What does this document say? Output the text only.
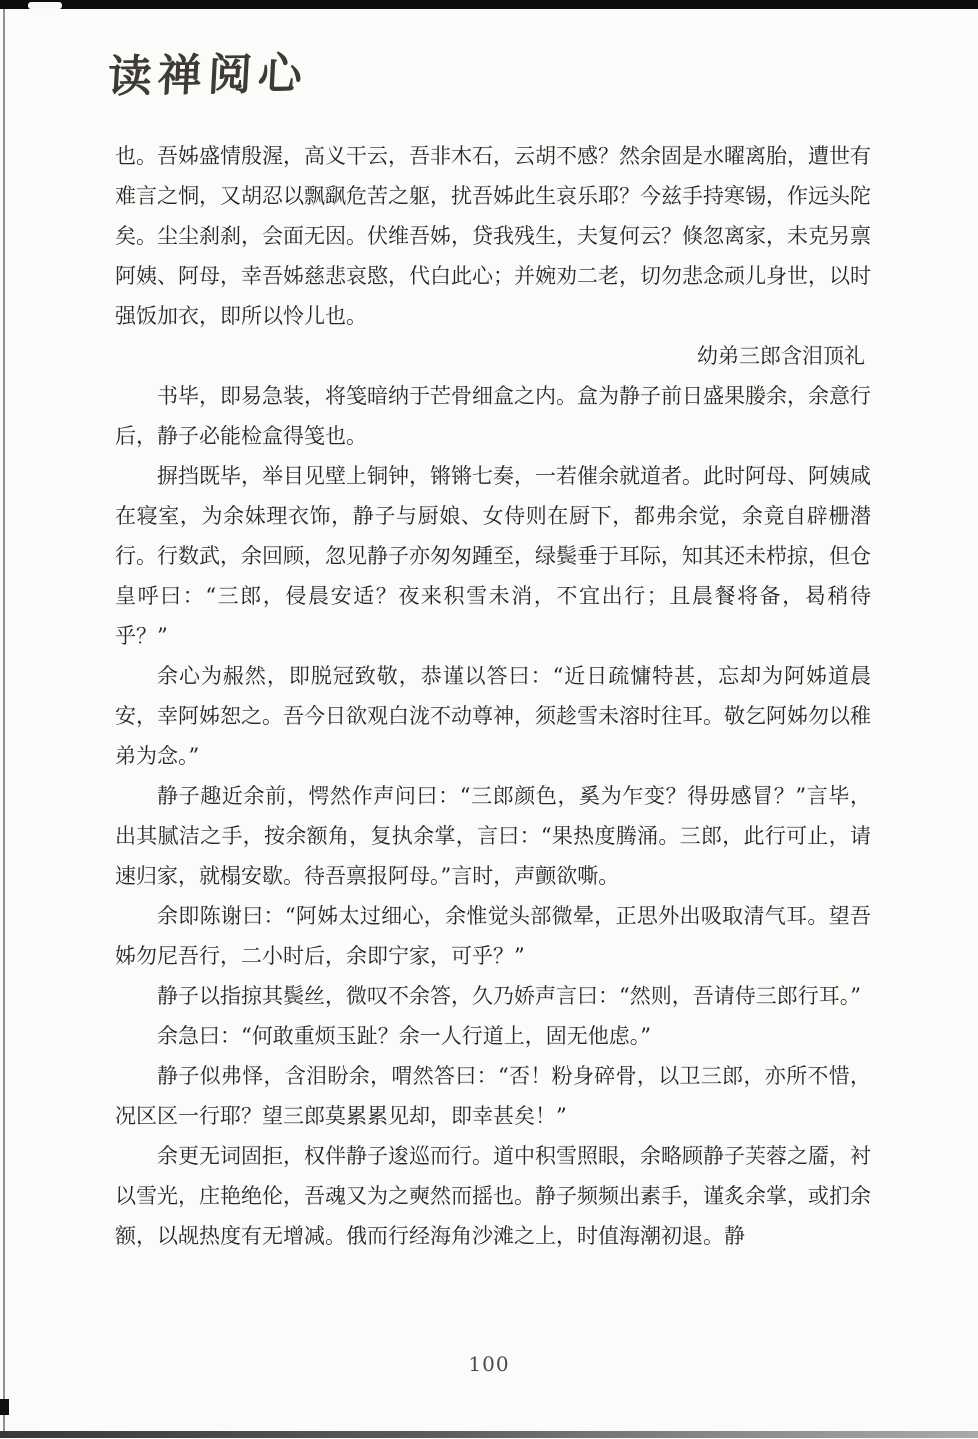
读禅阅心

也。吾姊盛情殷渥，高义干云，吾非木石，云胡不感？然余固是水曜离胎，遭世有难言之恫，又胡忍以飘飖危苦之躯，扰吾姊此生哀乐耶？今兹手持寒锡，作远头陀矣。尘尘刹刹，会面无因。伏维吾姊，贷我残生，夫复何云？倏忽离家，未克另禀阿姨、阿母，幸吾姊慈悲哀愍，代白此心；并婉劝二老，切勿悲念顽儿身世，以时强饭加衣，即所以怜儿也。

幼弟三郎含泪顶礼

书毕，即易急装，将笺暗纳于芒骨细盒之内。盒为静子前日盛果媵余，余意行后，静子必能检盒得笺也。

摒挡既毕，举目见壁上铜钟，锵锵七奏，一若催余就道者。此时阿母、阿姨咸在寝室，为余妹理衣饰，静子与厨娘、女侍则在厨下，都弗余觉，余竟自辟栅潜行。行数武，余回顾，忽见静子亦匆匆踵至，绿鬓垂于耳际，知其还未栉掠，但仓皇呼曰：“三郎，侵晨安适？夜来积雪未消，不宜出行；且晨餐将备，曷稍待乎？”

余心为赧然，即脱冠致敬，恭谨以答曰：“近日疏慵特甚，忘却为阿姊道晨安，幸阿姊恕之。吾今日欲观白泷不动尊神，须趁雪未溶时往耳。敬乞阿姊勿以稚弟为念。”

静子趣近余前，愕然作声问曰：“三郎颜色，奚为乍变？得毋感冒？”言毕，出其腻洁之手，按余额角，复执余掌，言曰：“果热度腾涌。三郎，此行可止，请速归家，就榻安歇。待吾禀报阿母。”言时，声颤欲嘶。

余即陈谢曰：“阿姊太过细心，余惟觉头部微晕，正思外出吸取清气耳。望吾姊勿尼吾行，二小时后，余即宁家，可乎？”

静子以指掠其鬓丝，微叹不余答，久乃娇声言曰：“然则，吾请侍三郎行耳。”

余急曰：“何敢重烦玉趾？余一人行道上，固无他虑。”

静子似弗怿，含泪盼余，喟然答曰：“否！粉身碎骨，以卫三郎，亦所不惜，况区区一行耶？望三郎莫累累见却，即幸甚矣！”

余更无词固拒，权伴静子逡巡而行。道中积雪照眼，余略顾静子芙蓉之靥，衬以雪光，庄艳绝伦，吾魂又为之奭然而摇也。静子频频出素手，谨炙余掌，或扪余额，以觇热度有无增减。俄而行经海角沙滩之上，时值海潮初退。静

100
